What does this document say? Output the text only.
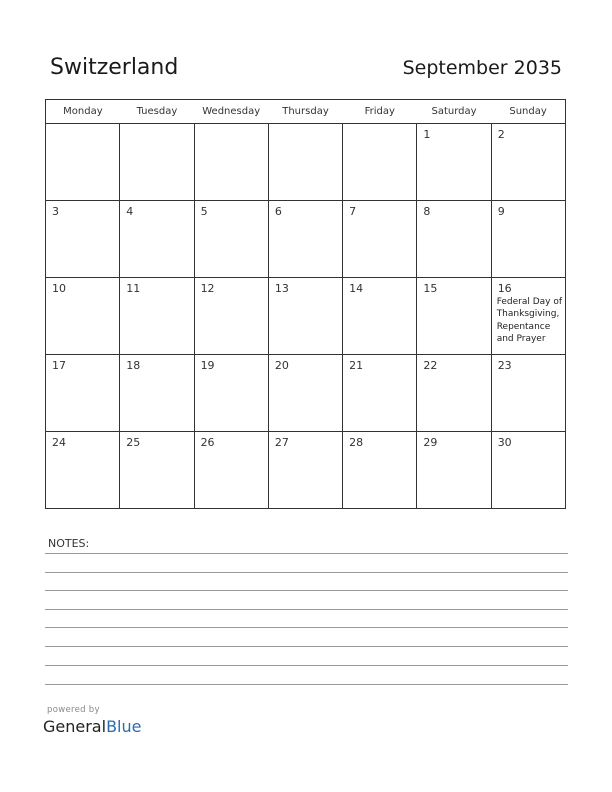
Switzerland	September 2035
Monday	Tuesday	Wednesday	Thursday	Friday	Saturday	Sunday

					1	2

3	4	5	6	7	8	9

10	11	12	13	14	15	16
Federal Day of Thanksgiving, Repentance and Prayer

17	18	19	20	21	22	23

24	25	26	27	28	29	30
NOTES:
powered by
GeneralBlue
